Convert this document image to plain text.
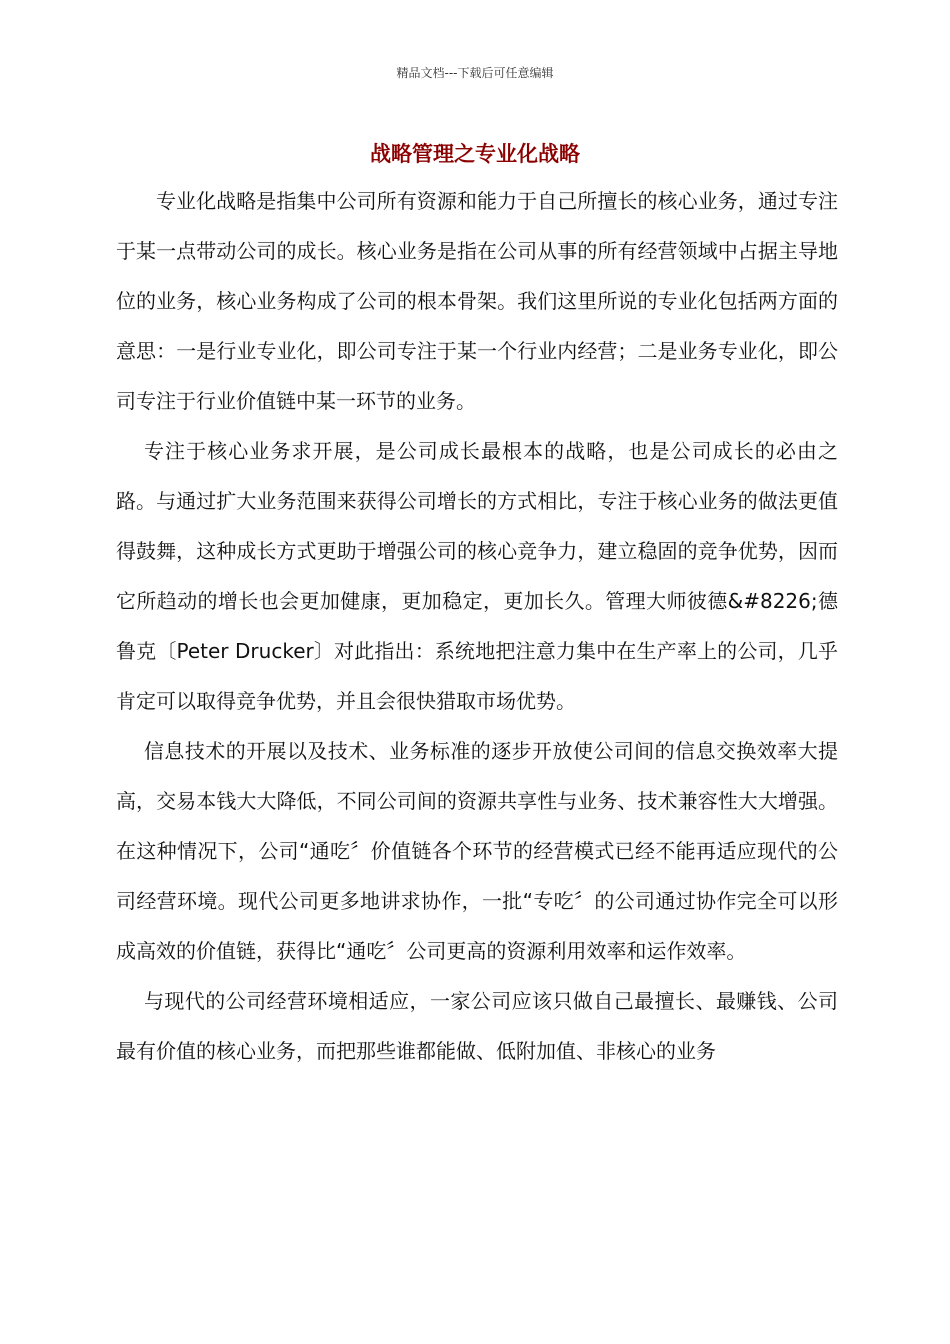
精品文档---下载后可任意编辑
战略管理之专业化战略

专业化战略是指集中公司所有资源和能力于自己所擅长的核心业务，通过专注于某一点带动公司的成长。核心业务是指在公司从事的所有经营领域中占据主导地位的业务，核心业务构成了公司的根本骨架。我们这里所说的专业化包括两方面的意思：一是行业专业化，即公司专注于某一个行业内经营；二是业务专业化，即公司专注于行业价值链中某一环节的业务。

专注于核心业务求开展，是公司成长最根本的战略，也是公司成长的必由之路。与通过扩大业务范围来获得公司增长的方式相比，专注于核心业务的做法更值得鼓舞，这种成长方式更助于增强公司的核心竞争力，建立稳固的竞争优势，因而它所趋动的增长也会更加健康，更加稳定，更加长久。管理大师彼德&#8226;德鲁克〔Peter Drucker〕对此指出：系统地把注意力集中在生产率上的公司，几乎肯定可以取得竞争优势，并且会很快猎取市场优势。

信息技术的开展以及技术、业务标准的逐步开放使公司间的信息交换效率大提高，交易本钱大大降低，不同公司间的资源共享性与业务、技术兼容性大大增强。在这种情况下，公司“通吃〞价值链各个环节的经营模式已经不能再适应现代的公司经营环境。现代公司更多地讲求协作，一批“专吃〞的公司通过协作完全可以形成高效的价值链，获得比“通吃〞公司更高的资源利用效率和运作效率。

与现代的公司经营环境相适应，一家公司应该只做自己最擅长、最赚钱、公司最有价值的核心业务，而把那些谁都能做、低附加值、非核心的业务
